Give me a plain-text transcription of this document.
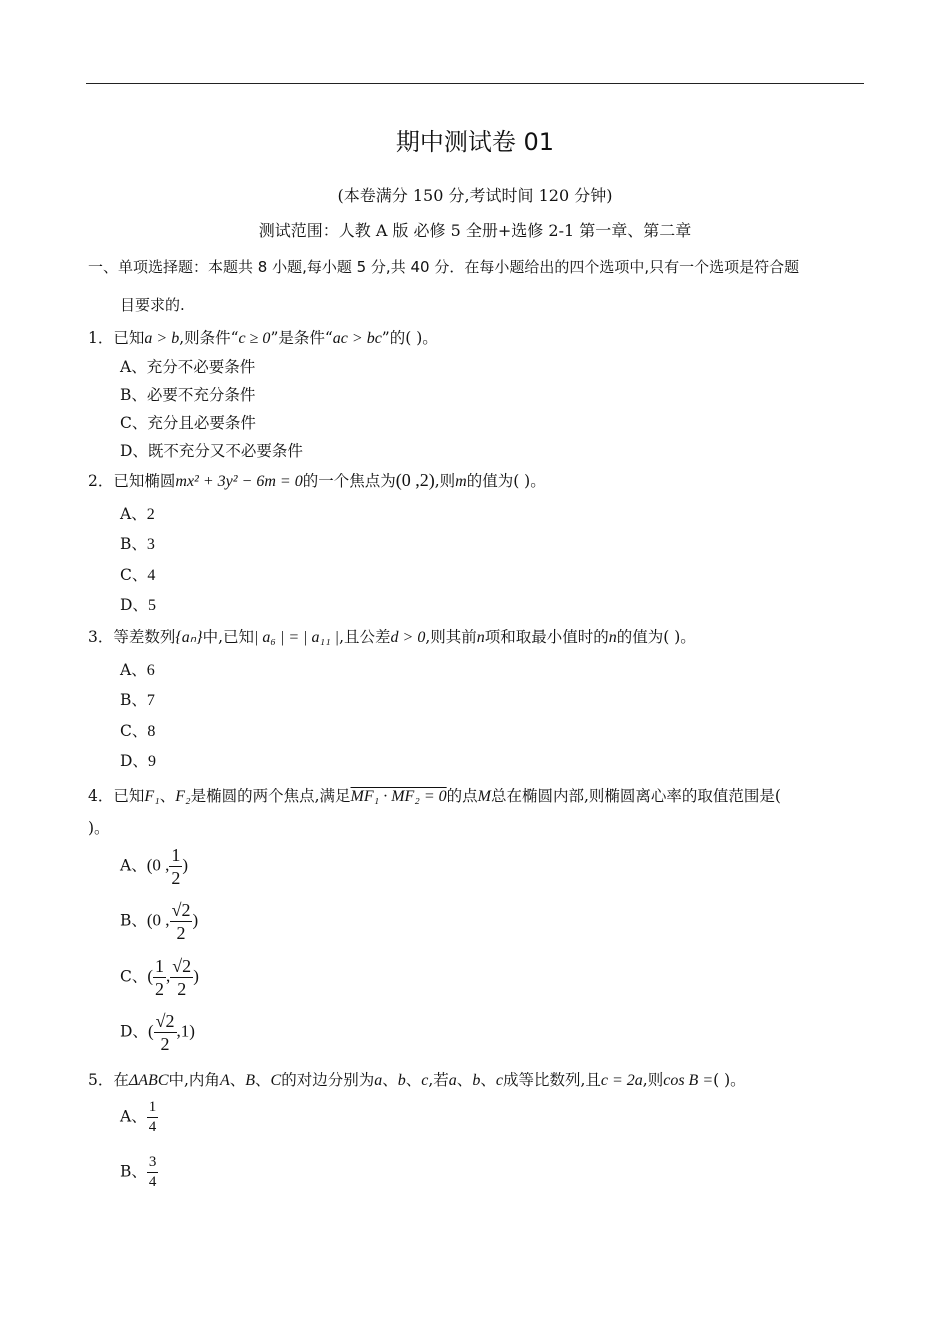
期中测试卷 01
(本卷满分 150 分,考试时间 120 分钟)
测试范围：人教 A 版 必修 5 全册+选修 2-1 第一章、第二章
一、单项选择题：本题共 8 小题,每小题 5 分,共 40 分．在每小题给出的四个选项中,只有一个选项是符合题
目要求的.
1．已知a > b,则条件“c ≥ 0”是条件“ac > bc”的( )。
A、充分不必要条件
B、必要不充分条件
C、充分且必要条件
D、既不充分又不必要条件
2．已知椭圆mx² + 3y² − 6m = 0的一个焦点为(0 ,2),则m的值为( )。
A、2
B、3
C、4
D、5
3．等差数列{aₙ}中,已知| a₆ | = | a₁₁ |,且公差d > 0,则其前n项和取最小值时的n的值为( )。
A、6
B、7
C、8
D、9
4．已知F₁、F₂是椭圆的两个焦点,满足MF₁ · MF₂ = 0的点M总在椭圆内部,则椭圆离心率的取值范围是(
)。
A、(0 , $\frac{1}{2}$ )
B、(0 , $\frac{√2}{2}$ )
C、( $\frac{1}{2}$ , $\frac{√2}{2}$ )
D、( $\frac{√2}{2} ,1$)
5．在ΔABC中,内角A、B、C的对边分别为a、b、c,若a、b、c成等比数列,且c = 2a,则cos B =( )。
A、 $\frac{1}{4}$
B、 $\frac{3}{4}$
